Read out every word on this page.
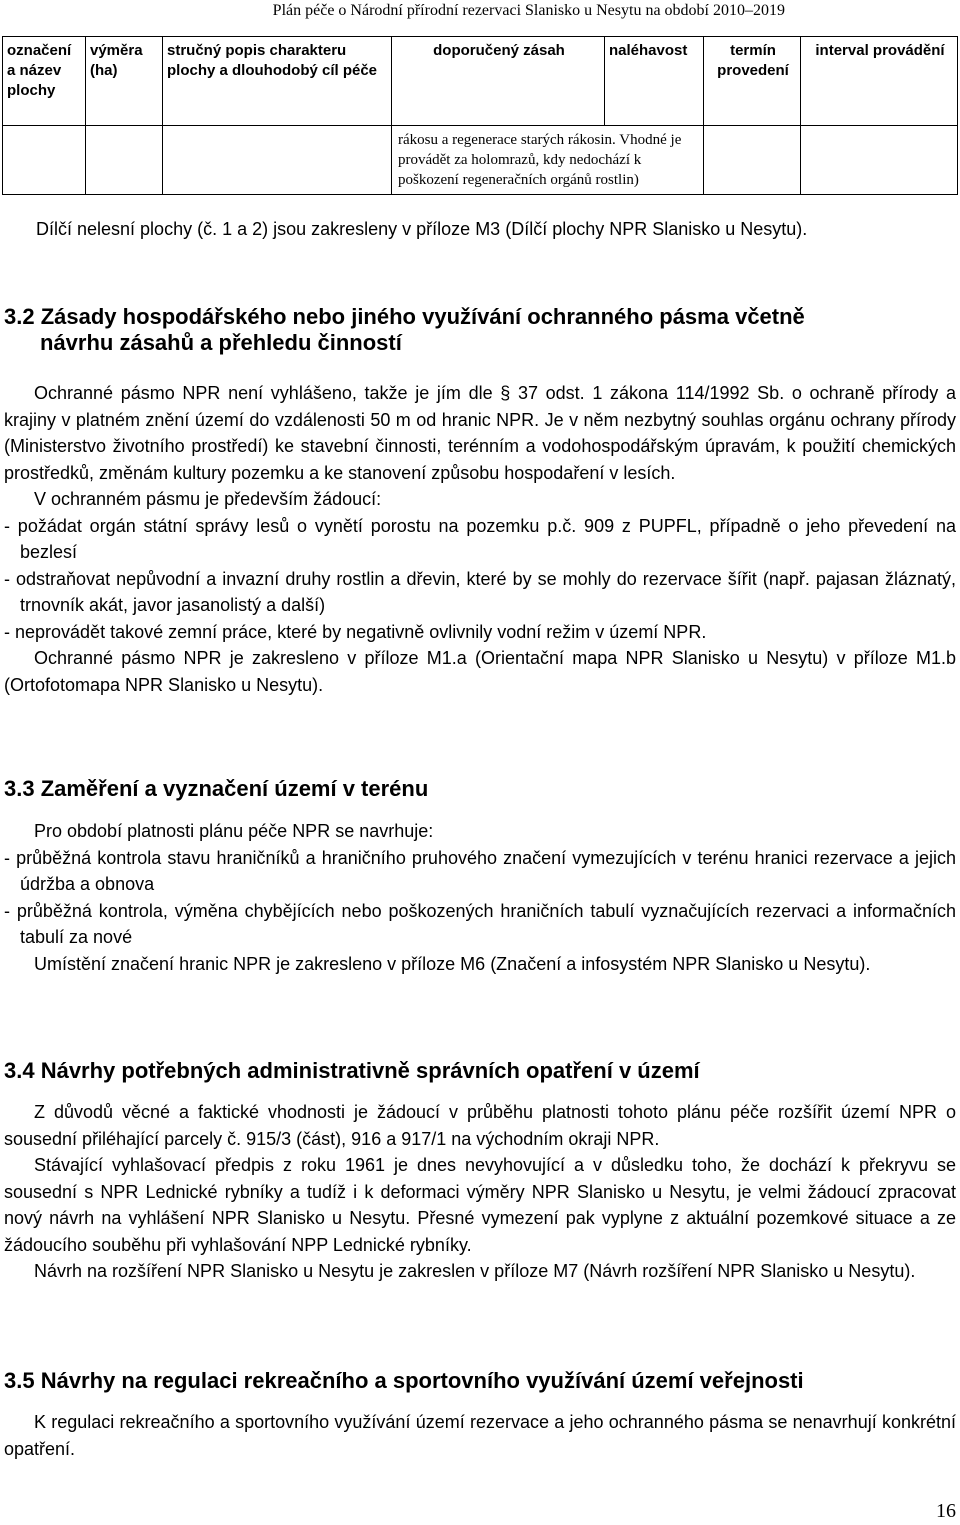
Plán péče o Národní přírodní rezervaci Slanisko u Nesytu na období 2010–2019
označení a název plochy	výměra (ha)	stručný popis charakteru plochy a dlouhodobý cíl péče	doporučený zásah	naléhavost	termín provedení	interval provádění
			rákosu a regenerace starých rákosin. Vhodné je provádět za holomrazů, kdy nedochází k poškození regeneračních orgánů rostlin)			
Dílčí nelesní plochy (č. 1 a 2) jsou zakresleny v příloze M3 (Dílčí plochy NPR Slanisko u Nesytu).
3.2 Zásady hospodářského nebo jiného využívání ochranného pásma včetně
návrhu zásahů a přehledu činností
Ochranné pásmo NPR není vyhlášeno, takže je jím dle § 37 odst. 1 zákona 114/1992 Sb. o ochraně přírody a krajiny v platném znění území do vzdálenosti 50 m od hranic NPR. Je v něm nezbytný souhlas orgánu ochrany přírody (Ministerstvo životního prostředí) ke stavební činnosti, terénním a vodohospodářským úpravám, k použití chemických prostředků, změnám kultury pozemku a ke stanovení způsobu hospodaření v lesích.
V ochranném pásmu je především žádoucí:
- požádat orgán státní správy lesů o vynětí porostu na pozemku p.č. 909 z PUPFL, případně o jeho převedení na bezlesí
- odstraňovat nepůvodní a invazní druhy rostlin a dřevin, které by se mohly do rezervace šířit (např. pajasan žláznatý, trnovník akát, javor jasanolistý a další)
- neprovádět takové zemní práce, které by negativně ovlivnily vodní režim v území NPR.
Ochranné pásmo NPR je zakresleno v příloze M1.a (Orientační mapa NPR Slanisko u Nesytu) v příloze M1.b (Ortofotomapa NPR Slanisko u Nesytu).
3.3 Zaměření a vyznačení území v terénu
Pro období platnosti plánu péče NPR se navrhuje:
- průběžná kontrola stavu hraničníků a hraničního pruhového značení vymezujících v terénu hranici rezervace a jejich údržba a obnova
- průběžná kontrola, výměna chybějících nebo poškozených hraničních tabulí vyznačujících rezervaci a informačních tabulí za nové
Umístění značení hranic NPR je zakresleno v příloze M6 (Značení a infosystém NPR Slanisko u Nesytu).
3.4 Návrhy potřebných administrativně správních opatření v území
Z důvodů věcné a faktické vhodnosti je žádoucí v průběhu platnosti tohoto plánu péče rozšířit území NPR o sousední přiléhající parcely č. 915/3 (část), 916 a 917/1 na východním okraji NPR.
Stávající vyhlašovací předpis z roku 1961 je dnes nevyhovující a v důsledku toho, že dochází k překryvu se sousední s NPR Lednické rybníky a tudíž i k deformaci výměry NPR Slanisko u Nesytu, je velmi žádoucí zpracovat nový návrh na vyhlášení NPR Slanisko u Nesytu. Přesné vymezení pak vyplyne z aktuální pozemkové situace a ze žádoucího souběhu při vyhlašování NPP Lednické rybníky.
Návrh na rozšíření NPR Slanisko u Nesytu je zakreslen v příloze M7 (Návrh rozšíření NPR Slanisko u Nesytu).
3.5 Návrhy na regulaci rekreačního a sportovního využívání území veřejnosti
K regulaci rekreačního a sportovního využívání území rezervace a jeho ochranného pásma se nenavrhují konkrétní opatření.
16
